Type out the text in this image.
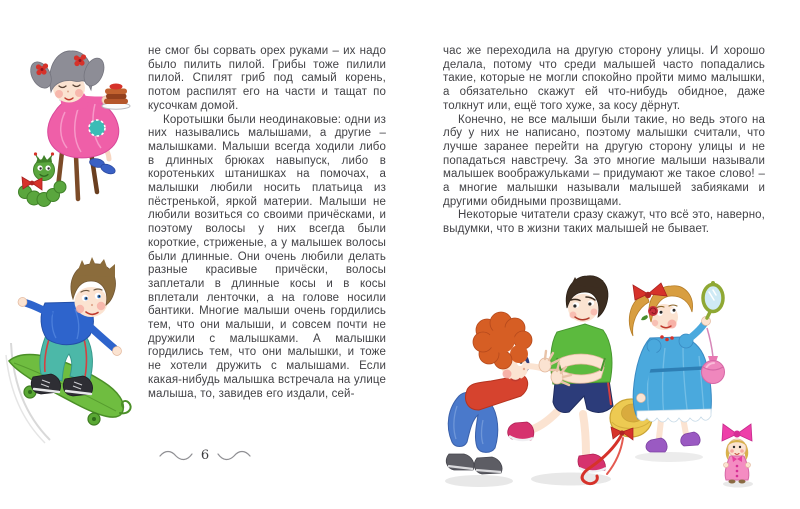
не смог бы сорвать орех руками – их надо было пилить пилой. Грибы тоже пилили пилой. Спилят гриб под самый корень, потом распилят его на части и тащат по кусочкам домой.

Коротышки были неодинаковые: одни из них назывались малышами, а другие – малышками. Малыши всегда ходили либо в длинных брюках навыпуск, либо в коротеньких штанишках на помочах, а малышки любили носить платьица из пёстренькой, яркой материи. Малыши не любили возиться со своими причёсками, и поэтому волосы у них всегда были короткие, стриженые, а у малышек волосы были длинные. Они очень любили делать разные красивые причёски, волосы заплетали в длинные косы и в косы вплетали ленточки, а на голове носили бантики. Многие малыши очень гордились тем, что они малыши, и совсем почти не дружили с малышками. А малышки гордились тем, что они малышки, и тоже не хотели дружить с малышами. Если какая-нибудь малышка встречала на улице малыша, то, завидев его издали, сей-

6

час же переходила на другую сторону улицы. И хорошо делала, потому что среди малышей часто попадались такие, которые не могли спокойно пройти мимо малышки, а обязательно скажут ей что-нибудь обидное, даже толкнут или, ещё того хуже, за косу дёрнут.

Конечно, не все малыши были такие, но ведь этого на лбу у них не написано, поэтому малышки считали, что лучше заранее перейти на другую сторону улицы и не попадаться навстречу. За это многие малыши называли малышек воображульками – придумают же такое слово! – а многие малышки называли малышей забияками и другими обидными прозвищами.

Некоторые читатели сразу скажут, что всё это, наверно, выдумки, что в жизни таких малышей не бывает.
